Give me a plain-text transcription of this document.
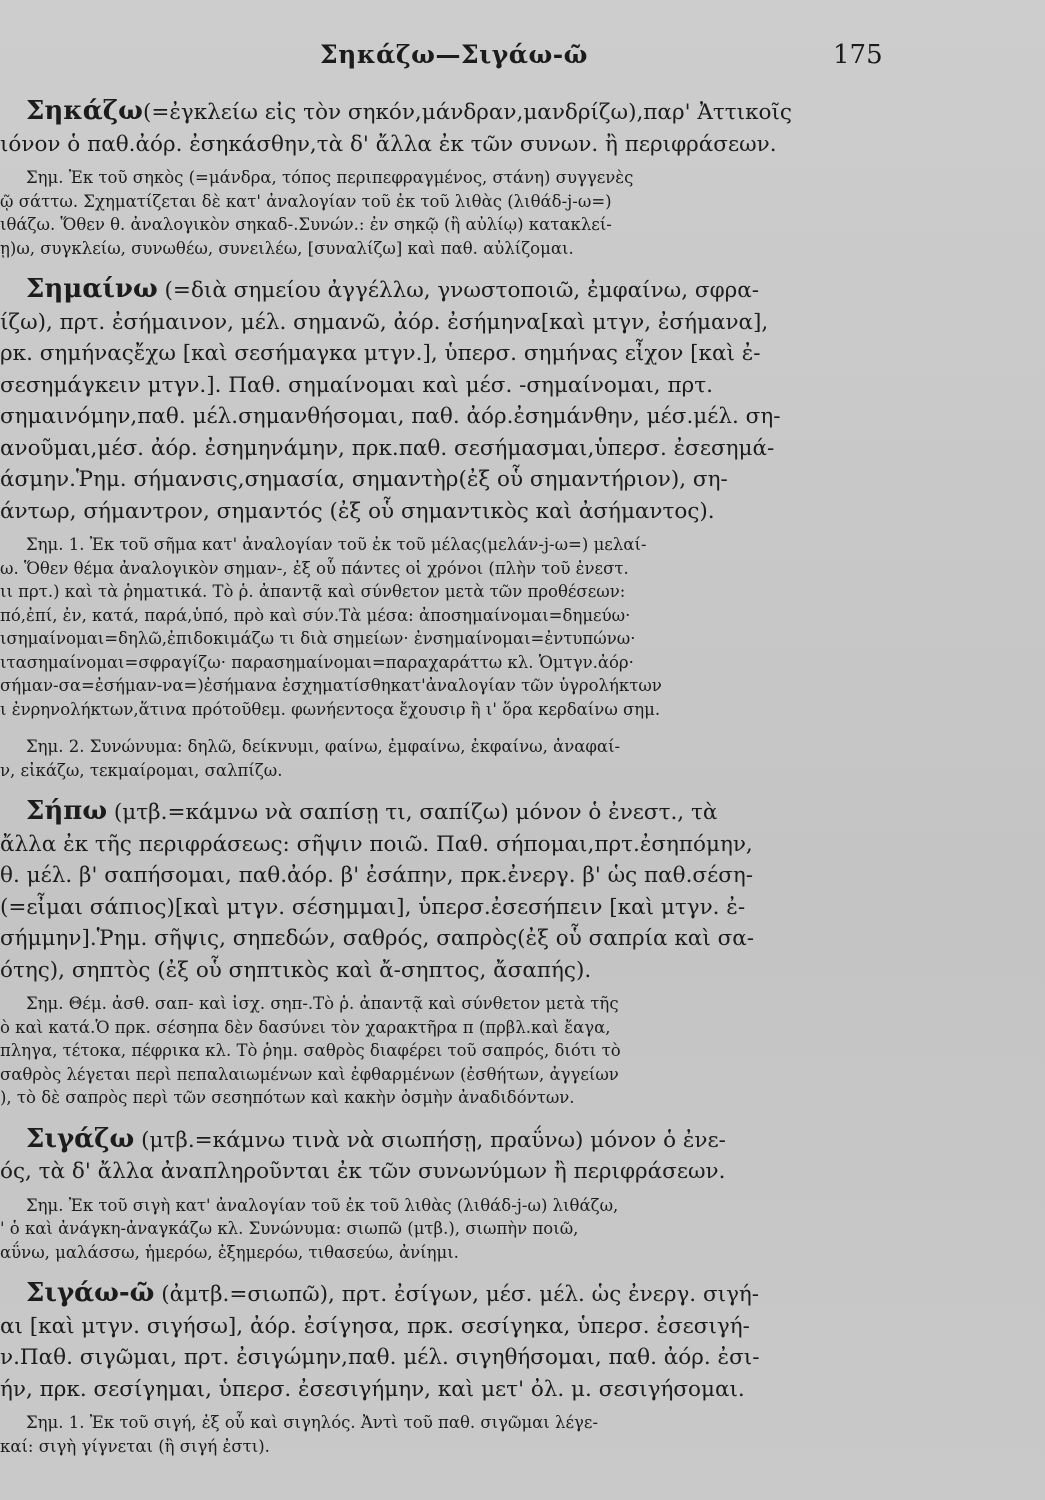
Σηκάζω—Σιγάω-ῶ	175
Σηκάζω(=ἐγκλείω εἰς τὸν σηκόν,μάνδραν,μανδρίζω),παρ' Ἀττικοῖς
ιόνον ὁ παθ.ἀόρ. ἐσηκάσθην,τὰ δ' ἄλλα ἐκ τῶν συνων. ἢ περιφράσεων.
Σημ. Ἐκ τοῦ σηκὸς (=μάνδρα, τόπος περιπεφραγμένος, στάνη) συγγενὲς
ῷ σάττω. Σχηματίζεται δὲ κατ' ἀναλογίαν τοῦ ἐκ τοῦ λιθὰς (λιθάδ-j-ω=)
ιθάζω. Ὅθεν θ. ἀναλογικὸν σηκαδ-.Συνών.: ἐν σηκῷ (ἢ αὐλίῳ) κατακλεί-
ῃ)ω, συγκλείω, συνωθέω, συνειλέω, [συναλίζω] καὶ παθ. αὐλίζομαι.
Σημαίνω (=διὰ σημείου ἀγγέλλω, γνωστοποιῶ, ἐμφαίνω, σφρα-
ίζω), πρτ. ἐσήμαινον, μέλ. σημανῶ, ἀόρ. ἐσήμηνα[καὶ μτγν, ἐσήμανα],
ρκ. σημήναςἔχω [καὶ σεσήμαγκα μτγν.], ὑπερσ. σημήνας εἶχον [καὶ ἐ-
σεσημάγκειν μτγν.]. Παθ. σημαίνομαι καὶ μέσ. -σημαίνομαι, πρτ.
σημαινόμην,παθ. μέλ.σημανθήσομαι, παθ. ἀόρ.ἐσημάνθην, μέσ.μέλ. ση-
ανοῦμαι,μέσ. ἀόρ. ἐσημηνάμην, πρκ.παθ. σεσήμασμαι,ὑπερσ. ἐσεσημά-
άσμην.Ῥημ. σήμανσις,σημασία, σημαντὴρ(ἐξ οὗ σημαντήριον), ση-
άντωρ, σήμαντρον, σημαντός (ἐξ οὗ σημαντικὸς καὶ ἀσήμαντος).
Σημ. 1. Ἐκ τοῦ σῆμα κατ' ἀναλογίαν τοῦ ἐκ τοῦ μέλας(μελάν-j-ω=) μελαί-
ω. Ὅθεν θέμα ἀναλογικὸν σημαν-, ἐξ οὗ πάντες οἱ χρόνοι (πλὴν τοῦ ἐνεστ.
ιι πρτ.) καὶ τὰ ῥηματικά. Τὸ ῥ. ἀπαντᾷ καὶ σύνθετον μετὰ τῶν προθέσεων:
πό,ἐπί, ἐν, κατά, παρά,ὑπό, πρὸ καὶ σύν.Τὰ μέσα: ἀποσημαίνομαι=δημεύω·
ισημαίνομαι=δηλῶ,ἐπιδοκιμάζω τι διὰ σημείων· ἐνσημαίνομαι=ἐντυπώνω·
ιτασημαίνομαι=σφραγίζω· παρασημαίνομαι=παραχαράττω κλ. Ὁμτγν.ἀόρ·
σήμαν-σα=ἐσήμαν-να=)ἐσήμανα ἐσχηματίσθηκατ'ἀναλογίαν τῶν ὑγρολήκτων
ι ἐνρηνολήκτων,ἅτινα πρότοῦθεμ. φωνήεντοςα ἔχουσιρ ἢ ι' ὅρα κερδαίνω σημ.
Σημ. 2. Συνώνυμα: δηλῶ, δείκνυμι, φαίνω, ἐμφαίνω, ἐκφαίνω, ἀναφαί-
ν, εἰκάζω, τεκμαίρομαι, σαλπίζω.
Σήπω (μτβ.=κάμνω νὰ σαπίσῃ τι, σαπίζω) μόνον ὁ ἐνεστ., τὰ
ἄλλα ἐκ τῆς περιφράσεως: σῆψιν ποιῶ. Παθ. σήπομαι,πρτ.ἐσηπόμην,
θ. μέλ. β' σαπήσομαι, παθ.ἀόρ. β' ἐσάπην, πρκ.ἐνεργ. β' ὡς παθ.σέση-
(=εἶμαι σάπιος)[καὶ μτγν. σέσημμαι], ὑπερσ.ἐσεσήπειν [καὶ μτγν. ἐ-
σήμμην].Ῥημ. σῆψις, σηπεδών, σαθρός, σαπρὸς(ἐξ οὗ σαπρία καὶ σα-
ότης), σηπτὸς (ἐξ οὗ σηπτικὸς καὶ ἄ-σηπτος, ἄσαπής).
Σημ. Θέμ. ἀσθ. σαπ- καὶ ἰσχ. σηπ-.Τὸ ῥ. ἀπαντᾷ καὶ σύνθετον μετὰ τῆς
ὸ καὶ κατά.Ὁ πρκ. σέσηπα δὲν δασύνει τὸν χαρακτῆρα π (πρβλ.καὶ ἔαγα,
πληγα, τέτοκα, πέφρικα κλ. Τὸ ῥημ. σαθρὸς διαφέρει τοῦ σαπρός, διότι τὸ
σαθρὸς λέγεται περὶ πεπαλαιωμένων καὶ ἐφθαρμένων (ἐσθήτων, ἀγγείων
), τὸ δὲ σαπρὸς περὶ τῶν σεσηπότων καὶ κακὴν ὀσμὴν ἀναδιδόντων.
Σιγάζω (μτβ.=κάμνω τινὰ νὰ σιωπήσῃ, πραΰνω) μόνον ὁ ἐνε-
ός, τὰ δ' ἄλλα ἀναπληροῦνται ἐκ τῶν συνωνύμων ἢ περιφράσεων.
Σημ. Ἐκ τοῦ σιγὴ κατ' ἀναλογίαν τοῦ ἐκ τοῦ λιθὰς (λιθάδ-j-ω) λιθάζω,
' ὁ καὶ ἀνάγκη-ἀναγκάζω κλ. Συνώνυμα: σιωπῶ (μτβ.), σιωπὴν ποιῶ,
αΰνω, μαλάσσω, ἡμερόω, ἐξημερόω, τιθασεύω, ἀνίημι.
Σιγάω-ῶ (ἀμτβ.=σιωπῶ), πρτ. ἐσίγων, μέσ. μέλ. ὡς ἐνεργ. σιγή-
αι [καὶ μτγν. σιγήσω], ἀόρ. ἐσίγησα, πρκ. σεσίγηκα, ὑπερσ. ἐσεσιγή-
ν.Παθ. σιγῶμαι, πρτ. ἐσιγώμην,παθ. μέλ. σιγηθήσομαι, παθ. ἀόρ. ἐσι-
ήν, πρκ. σεσίγημαι, ὑπερσ. ἐσεσιγήμην, καὶ μετ' ὀλ. μ. σεσιγήσομαι.
Σημ. 1. Ἐκ τοῦ σιγή, ἐξ οὗ καὶ σιγηλός. Ἀντὶ τοῦ παθ. σιγῶμαι λέγε-
καί: σιγὴ γίγνεται (ἢ σιγή ἐστι).
